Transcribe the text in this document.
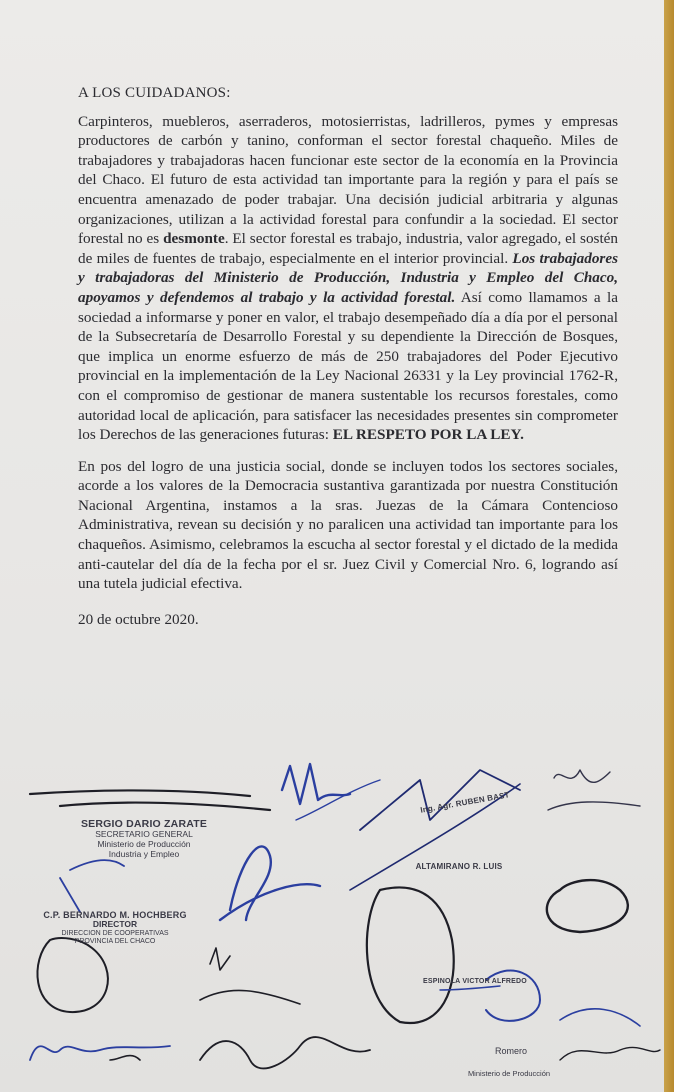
A LOS CUIDADANOS:
Carpinteros, muebleros, aserraderos, motosierristas, ladrilleros, pymes y empresas productores de carbón y tanino, conforman el sector forestal chaqueño. Miles de trabajadores y trabajadoras hacen funcionar este sector de la economía en la Provincia del Chaco. El futuro de esta actividad tan importante para la región y para el país se encuentra amenazado de poder trabajar. Una decisión judicial arbitraria y algunas organizaciones, utilizan a la actividad forestal para confundir a la sociedad. El sector forestal no es desmonte. El sector forestal es trabajo, industria, valor agregado, el sostén de miles de fuentes de trabajo, especialmente en el interior provincial. Los trabajadores y trabajadoras del Ministerio de Producción, Industria y Empleo del Chaco, apoyamos y defendemos al trabajo y la actividad forestal. Así como llamamos a la sociedad a informarse y poner en valor, el trabajo desempeñado día a día por el personal de la Subsecretaría de Desarrollo Forestal y su dependiente la Dirección de Bosques, que implica un enorme esfuerzo de más de 250 trabajadores del Poder Ejecutivo provincial en la implementación de la Ley Nacional 26331 y la Ley provincial 1762-R, con el compromiso de gestionar de manera sustentable los recursos forestales, como autoridad local de aplicación, para satisfacer las necesidades presentes sin comprometer los Derechos de las generaciones futuras: EL RESPETO POR LA LEY.
En pos del logro de una justicia social, donde se incluyen todos los sectores sociales, acorde a los valores de la Democracia sustantiva garantizada por nuestra Constitución Nacional Argentina, instamos a la sras. Juezas de la Cámara Contencioso Administrativa, revean su decisión y no paralicen una actividad tan importante para los chaqueños. Asimismo, celebramos la escucha al sector forestal y el dictado de la medida anti-cautelar del día de la fecha por el sr. Juez Civil y Comercial Nro. 6, logrando así una tutela judicial efectiva.
20 de octubre 2020.
SERGIO DARIO ZARATE
SECRETARIO GENERAL
Ministerio de Producción
Industria y Empleo
C.P. BERNARDO M. HOCHBERG
DIRECTOR
DIRECCION DE COOPERATIVAS
PROVINCIA DEL CHACO
Ing. Agr. RUBEN BAST
ALTAMIRANO R. LUIS
ESPINOLA VICTOR ALFREDO
Romero
Ministerio de Producción
